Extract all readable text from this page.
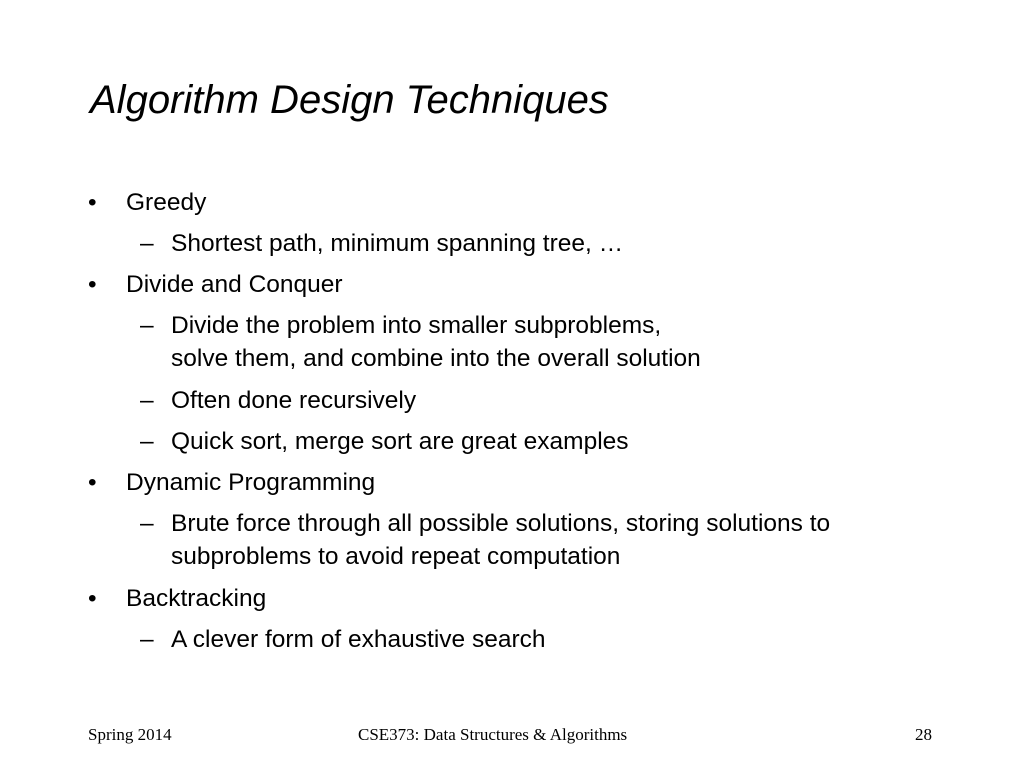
Algorithm Design Techniques
• Greedy
– Shortest path, minimum spanning tree, …
• Divide and Conquer
– Divide the problem into smaller subproblems,
solve them, and combine into the overall solution
– Often done recursively
– Quick sort, merge sort are great examples
• Dynamic Programming
– Brute force through all possible solutions, storing solutions to
subproblems to avoid repeat computation
• Backtracking
– A clever form of exhaustive search
Spring 2014	CSE373: Data Structures & Algorithms	28
